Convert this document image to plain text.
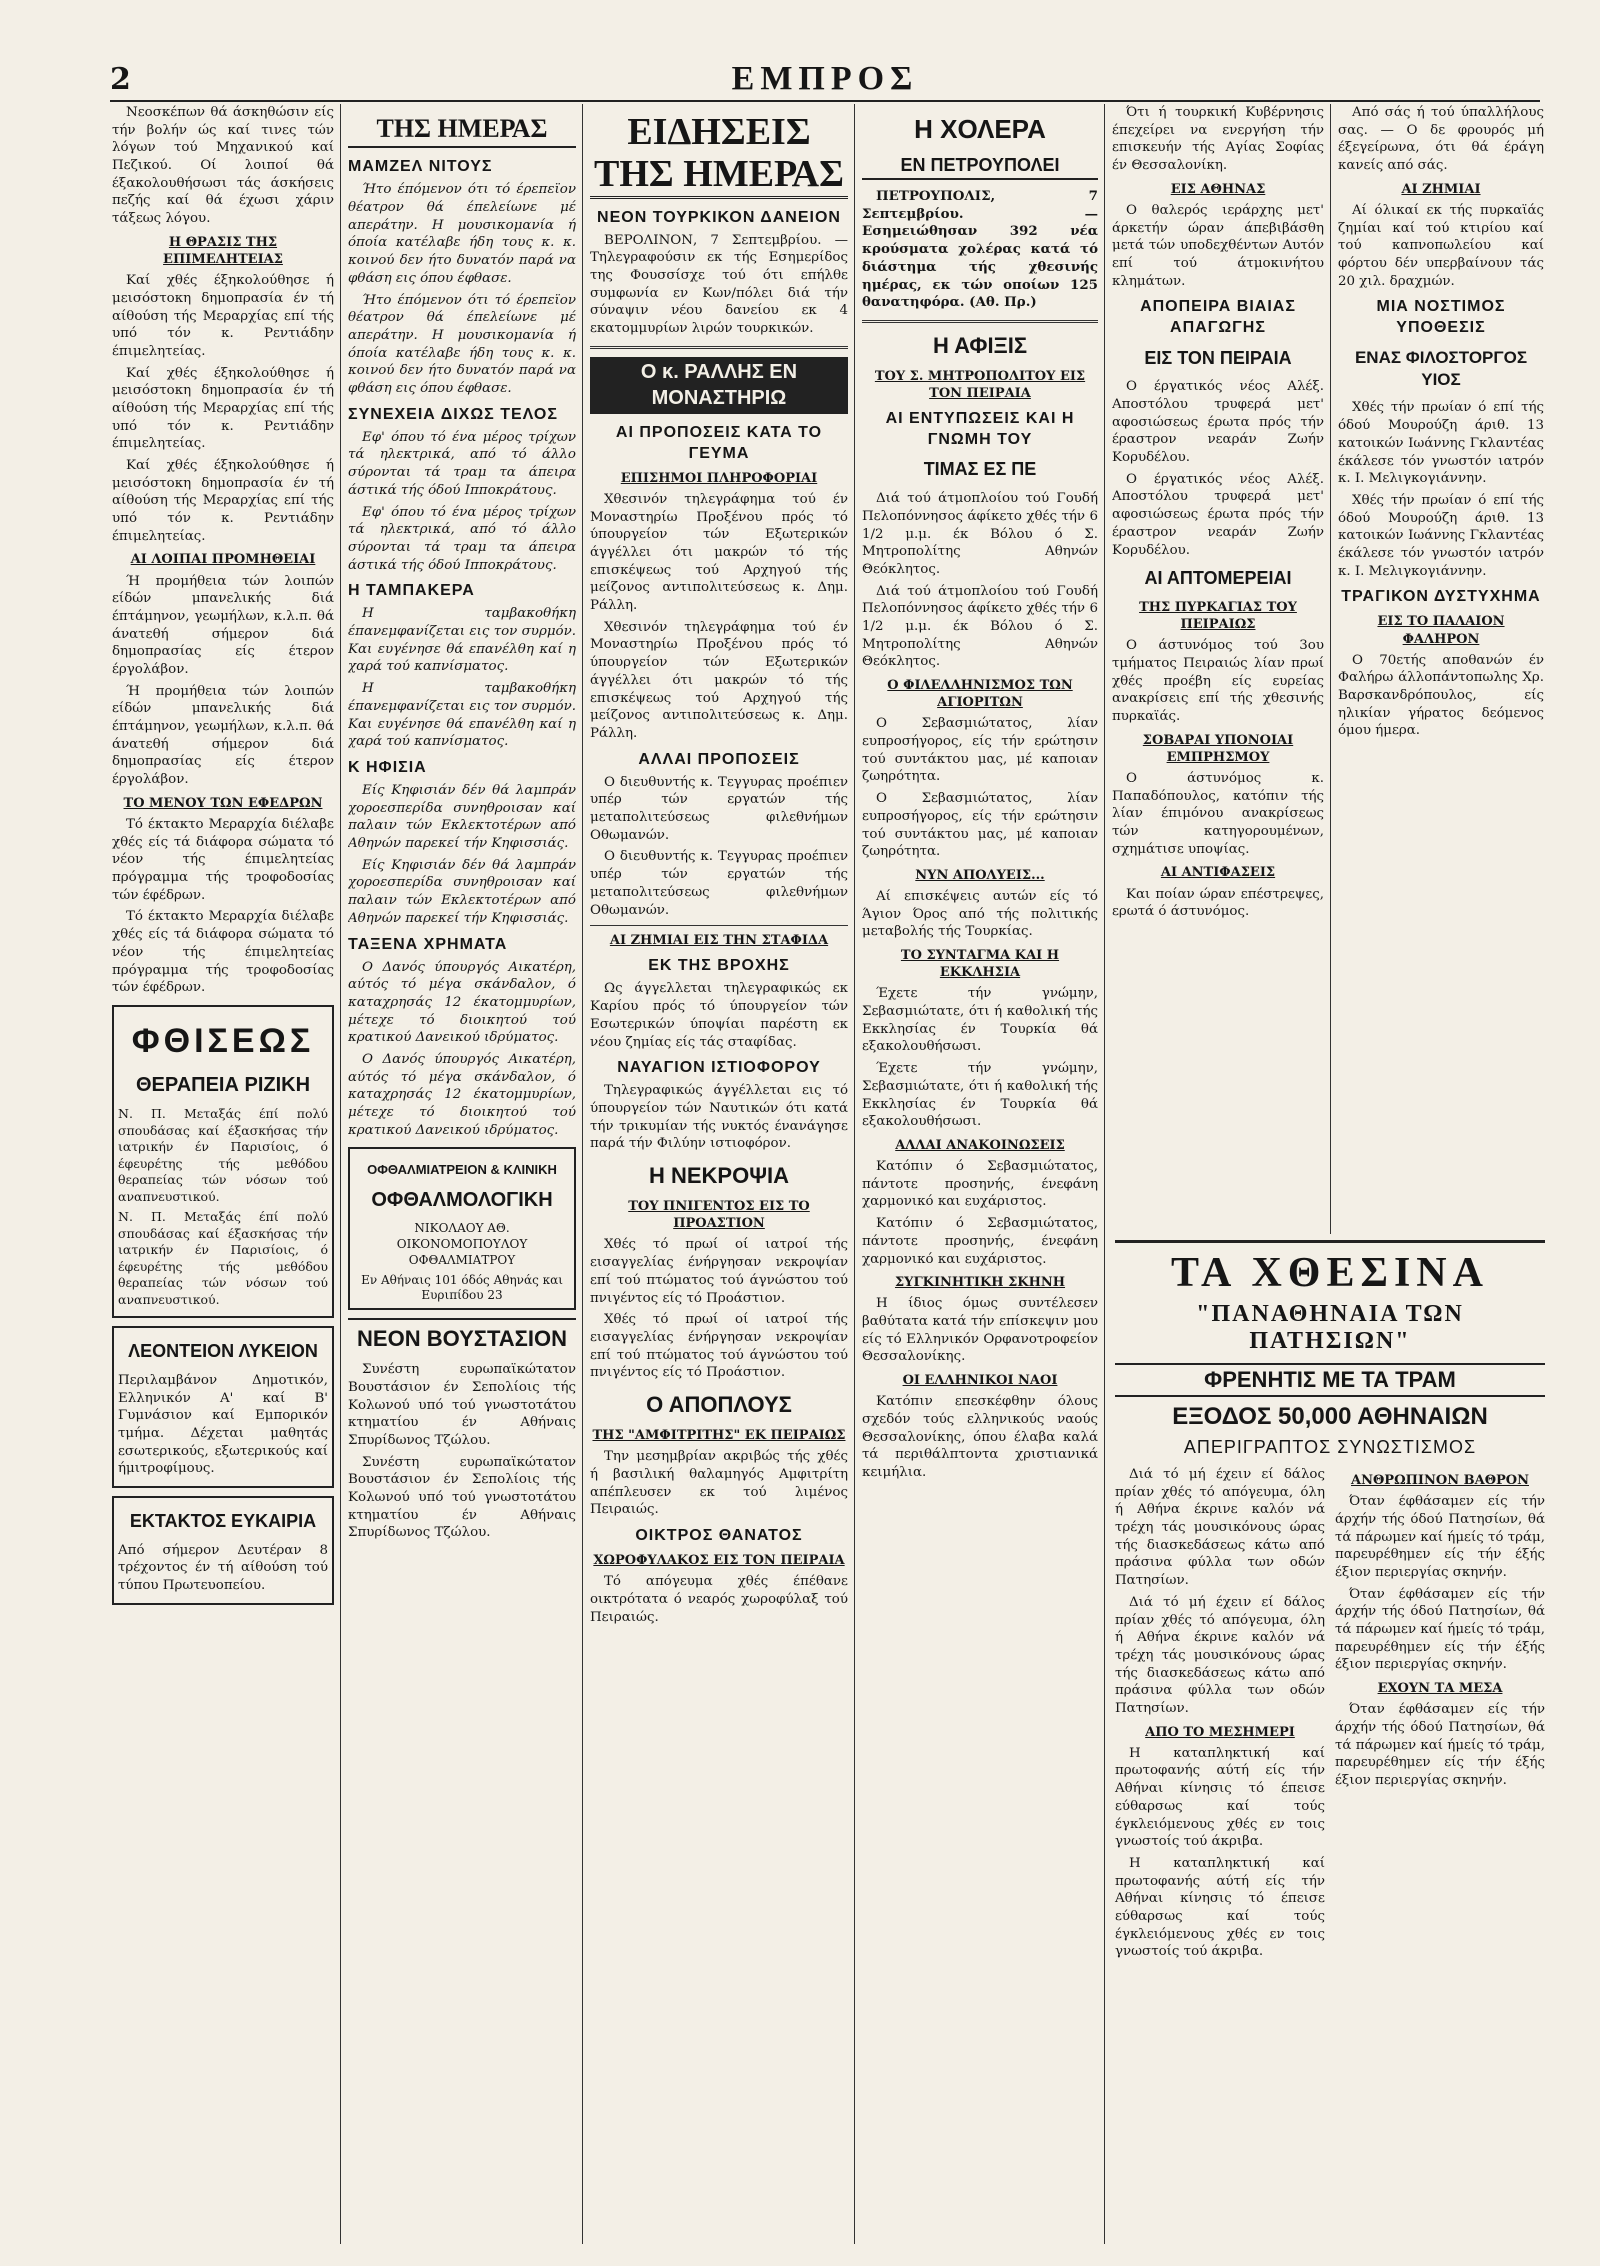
2	ΕΜΠΡΟΣ

Νεοσκέπων θά άσκηθώσιν είς τήν βολήν ώς καί τινες τών λόγων τού Μηχανικού καί Πεζικού. Οί λοιποί θά έξακολουθήσωσι τάς άσκήσεις πεζής καί θά έχωσι χάριν τάξεως λόγου.

Η ΘΡΑΣΙΣ ΤΗΣ ΕΠΙΜΕΛΗΤΕΙΑΣ

Καί χθές έξηκολούθησε ή μεισόστοκη δημοπρασία έν τή αίθούση τής Μεραρχίας επί τής υπό τόν κ. Ρεντιάδην έπιμελητείας.

Καί χθές έξηκολούθησε ή μεισόστοκη δημοπρασία έν τή αίθούση τής Μεραρχίας επί τής υπό τόν κ. Ρεντιάδην έπιμελητείας.

Καί χθές έξηκολούθησε ή μεισόστοκη δημοπρασία έν τή αίθούση τής Μεραρχίας επί τής υπό τόν κ. Ρεντιάδην έπιμελητείας.

ΑΙ ΛΟΙΠΑΙ ΠΡΟΜΗΘΕΙΑΙ

Ή προμήθεια τών λοιπών είδών μπανελικής διά έπτάμηνον, γεωμήλων, κ.λ.π. θά άνατεθή σήμερον διά δημοπρασίας είς έτερον έργολάβον.

Ή προμήθεια τών λοιπών είδών μπανελικής διά έπτάμηνον, γεωμήλων, κ.λ.π. θά άνατεθή σήμερον διά δημοπρασίας είς έτερον έργολάβον.

ΤΟ ΜΕΝΟΥ ΤΩΝ ΕΦΕΔΡΩΝ

Τό έκτακτο Μεραρχία διέλαβε χθές είς τά διάφορα σώματα τό νέον τής έπιμελητείας πρόγραμμα τής τροφοδοσίας τών έφέδρων.

Τό έκτακτο Μεραρχία διέλαβε χθές είς τά διάφορα σώματα τό νέον τής έπιμελητείας πρόγραμμα τής τροφοδοσίας τών έφέδρων.

ΦΘΙΣΕΩΣ
ΘΕΡΑΠΕΙΑ ΡΙΖΙΚΗ

Ν. Π. Μεταξάς έπί πολύ σπουδάσας καί έξασκήσας τήν ιατρικήν έν Παρισίοις, ό έφευρέτης τής μεθόδου θεραπείας τών νόσων τού αναπνευστικού.

Ν. Π. Μεταξάς έπί πολύ σπουδάσας καί έξασκήσας τήν ιατρικήν έν Παρισίοις, ό έφευρέτης τής μεθόδου θεραπείας τών νόσων τού αναπνευστικού.

ΛΕΟΝΤΕΙΟΝ ΛΥΚΕΙΟΝ

Περιλαμβάνον Δημοτικόν, Ελληνικόν Α' καί Β' Γυμνάσιον καί Εμπορικόν τμήμα. Δέχεται μαθητάς εσωτερικούς, εξωτερικούς καί ήμιτροφίμους.

ΕΚΤΑΚΤΟΣ ΕΥΚΑΙΡΙΑ

Από σήμερον Δευτέραν 8 τρέχοντος έν τή αίθούση τού τύπου Πρωτευοπείου.

ΤΗΣ ΗΜΕΡΑΣ
ΜΑΜΖΕΛ ΝΙΤΟΥΣ

Ήτο έπόμενον ότι τό έρεπεϊον θέατρον θά έπελείωνε μέ απεράτην. Η μουσικομανία ή όποία κατέλαβε ήδη τους κ. κ. κοινού δεν ήτο δυνατόν παρά να φθάση εις όπου έφθασε.

Ήτο έπόμενον ότι τό έρεπεϊον θέατρον θά έπελείωνε μέ απεράτην. Η μουσικομανία ή όποία κατέλαβε ήδη τους κ. κ. κοινού δεν ήτο δυνατόν παρά να φθάση εις όπου έφθασε.

ΣΥΝΕΧΕΙΑ ΔΙΧΩΣ ΤΕΛΟΣ

Εφ' όπου τό ένα μέρος τρίχων τά ηλεκτρικά, από τό άλλο σύρονται τά τραμ τα άπειρα άστικά τής όδού Ιπποκράτους.

Εφ' όπου τό ένα μέρος τρίχων τά ηλεκτρικά, από τό άλλο σύρονται τά τραμ τα άπειρα άστικά τής όδού Ιπποκράτους.

Η ΤΑΜΠΑΚΕΡΑ

Η ταμβακοθήκη έπανεμφανίζεται εις τον συρμόν. Και ευγένησε θά επανέλθη καί η χαρά τού καπνίσματος.

Η ταμβακοθήκη έπανεμφανίζεται εις τον συρμόν. Και ευγένησε θά επανέλθη καί η χαρά τού καπνίσματος.

Κ ΗΦΙΣΙΑ

Είς Κηφισιάν δέν θά λαμπράν χοροεσπερίδα συνηθροισαν καί παλαιν τών Εκλεκτοτέρων από Αθηνών παρεκεί τήν Κηφισσιάς.

Είς Κηφισιάν δέν θά λαμπράν χοροεσπερίδα συνηθροισαν καί παλαιν τών Εκλεκτοτέρων από Αθηνών παρεκεί τήν Κηφισσιάς.

ΤΑΞΕΝΑ ΧΡΗΜΑΤΑ

Ο Δανός ύπουργός Αικατέρη, αύτός τό μέγα σκάνδαλον, ό καταχρησάς 12 έκατομμυρίων, μέτεχε τό διοικητού τού κρατικού Δανεικού ιδρύματος.

Ο Δανός ύπουργός Αικατέρη, αύτός τό μέγα σκάνδαλον, ό καταχρησάς 12 έκατομμυρίων, μέτεχε τό διοικητού τού κρατικού Δανεικού ιδρύματος.

ΟΦΘΑΛΜΙΑΤΡΕΙΟΝ & ΚΛΙΝΙΚΗ
ΟΦΘΑΛΜΟΛΟΓΙΚΗ
ΝΙΚΟΛΑΟΥ ΑΘ. ΟΙΚΟΝΟΜΟΠΟΥΛΟΥ ΟΦΘΑΛΜΙΑΤΡΟΥ
Εν Αθήναις 101 όδός Αθηνάς και Ευριπίδου 23
ΝΕΟΝ ΒΟΥΣΤΑΣΙΟΝ

Συνέστη ευρωπαϊκώτατον Βουστάσιον έν Σεπολίοις τής Κολωνού υπό τού γνωστοτάτου κτηματίου έν Αθήναις Σπυρίδωνος Τζώλου.

Συνέστη ευρωπαϊκώτατον Βουστάσιον έν Σεπολίοις τής Κολωνού υπό τού γνωστοτάτου κτηματίου έν Αθήναις Σπυρίδωνος Τζώλου.

ΕΙΔΗΣΕΙΣ ΤΗΣ ΗΜΕΡΑΣ
ΝΕΟΝ ΤΟΥΡΚΙΚΟΝ ΔΑΝΕΙΟΝ

ΒΕΡΟΛΙΝΟΝ, 7 Σεπτεμβρίου. — Τηλεγραφούσιν εκ τής Εσημερίδος της Φουσσίσχε τού ότι επήλθε συμφωνία εν Κων/πόλει διά τήν σύναψιν νέου δανείου εκ 4 εκατομμυρίων λιρών τουρκικών.

Ο κ. ΡΑΛΛΗΣ ΕΝ ΜΟΝΑΣΤΗΡΙΩ
ΑΙ ΠΡΟΠΟΣΕΙΣ ΚΑΤΑ ΤΟ ΓΕΥΜΑ
ΕΠΙΣΗΜΟΙ ΠΛΗΡΟΦΟΡΙΑΙ

Χθεσινόν τηλεγράφημα τού έν Μοναστηρίω Προξένου πρός τό ύπουργείον τών Εξωτερικών άγγέλλει ότι μακρών τό τής επισκέψεως τού Αρχηγού τής μείζονος αντιπολιτεύσεως κ. Δημ. Ράλλη.

Χθεσινόν τηλεγράφημα τού έν Μοναστηρίω Προξένου πρός τό ύπουργείον τών Εξωτερικών άγγέλλει ότι μακρών τό τής επισκέψεως τού Αρχηγού τής μείζονος αντιπολιτεύσεως κ. Δημ. Ράλλη.

ΑΛΛΑΙ ΠΡΟΠΟΣΕΙΣ

Ο διευθυντής κ. Τεγγυρας προέπιεν υπέρ τών εργατών τής μεταπολιτεύσεως φιλεθνήμων Οθωμανών.

Ο διευθυντής κ. Τεγγυρας προέπιεν υπέρ τών εργατών τής μεταπολιτεύσεως φιλεθνήμων Οθωμανών.

ΑΙ ΖΗΜΙΑΙ ΕΙΣ ΤΗΝ ΣΤΑΦΙΔΑ
ΕΚ ΤΗΣ ΒΡΟΧΗΣ

Ως άγγελλεται τηλεγραφικώς εκ Καρίου πρός τό ύπουργείον τών Εσωτερικών ύποψίαι παρέστη εκ νέου ζημίας είς τάς σταφίδας.

ΝΑΥΑΓΙΟΝ ΙΣΤΙΟΦΟΡΟΥ

Τηλεγραφικώς άγγέλλεται εις τό ύπουργείον τών Ναυτικών ότι κατά τήν τρικυμίαν τής νυκτός ένανάγησε παρά τήν Φιλύην ιστιοφόρον.

Η ΝΕΚΡΟΨΙΑ
ΤΟΥ ΠΝΙΓΕΝΤΟΣ ΕΙΣ ΤΟ ΠΡΟΑΣΤΙΟΝ

Χθές τό πρωί οί ιατροί τής εισαγγελίας ένήργησαν νεκροψίαν επί τού πτώματος τού άγνώστου τού πνιγέντος είς τό Προάστιον.

Χθές τό πρωί οί ιατροί τής εισαγγελίας ένήργησαν νεκροψίαν επί τού πτώματος τού άγνώστου τού πνιγέντος είς τό Προάστιον.

Ο ΑΠΟΠΛΟΥΣ
ΤΗΣ "ΑΜΦΙΤΡΙΤΗΣ" ΕΚ ΠΕΙΡΑΙΩΣ

Την μεσημβρίαν ακριβώς τής χθές ή βασιλική θαλαμηγός Αμφιτρίτη απέπλευσεν εκ τού λιμένος Πειραιώς.

ΟΙΚΤΡΟΣ ΘΑΝΑΤΟΣ
ΧΩΡΟΦΥΛΑΚΟΣ ΕΙΣ ΤΟΝ ΠΕΙΡΑΙΑ

Τό απόγευμα χθές έπέθανε οικτρότατα ό νεαρός χωροφύλαξ τού Πειραιώς.

Η ΧΟΛΕΡΑ
ΕΝ ΠΕΤΡΟΥΠΟΛΕΙ

ΠΕΤΡΟΥΠΟΛΙΣ, 7 Σεπτεμβρίου. — Εσημειώθησαν 392 νέα κρούσματα χολέρας κατά τό διάστημα τής χθεσινής ημέρας, εκ τών οποίων 125 θανατηφόρα. (Αθ. Πρ.)

Η ΑΦΙΞΙΣ
ΤΟΥ Σ. ΜΗΤΡΟΠΟΛΙΤΟΥ ΕΙΣ ΤΟΝ ΠΕΙΡΑΙΑ
ΑΙ ΕΝΤΥΠΩΣΕΙΣ ΚΑΙ Η ΓΝΩΜΗ ΤΟΥ
ΤΙΜΑΣ ΕΣ ΠΕ

Διά τού άτμοπλοίου τού Γουδή Πελοπόννησος άφίκετο χθές τήν 6 1/2 μ.μ. έκ Βόλου ό Σ. Μητροπολίτης Αθηνών Θεόκλητος.

Διά τού άτμοπλοίου τού Γουδή Πελοπόννησος άφίκετο χθές τήν 6 1/2 μ.μ. έκ Βόλου ό Σ. Μητροπολίτης Αθηνών Θεόκλητος.

Ο ΦΙΛΕΛΛΗΝΙΣΜΟΣ ΤΩΝ ΑΓΙΟΡΙΤΩΝ

Ο Σεβασμιώτατος, λίαν ευπροσήγορος, είς τήν ερώτησιν τού συντάκτου μας, μέ καποιαν ζωηρότητα.

Ο Σεβασμιώτατος, λίαν ευπροσήγορος, είς τήν ερώτησιν τού συντάκτου μας, μέ καποιαν ζωηρότητα.

ΝΥΝ ΑΠΟΛΥΕΙΣ...

Αί επισκέψεις αυτών είς τό Άγιον Όρος από τής πολιτικής μεταβολής τής Τουρκίας.

ΤΟ ΣΥΝΤΑΓΜΑ ΚΑΙ Η ΕΚΚΛΗΣΙΑ

Έχετε τήν γνώμην, Σεβασμιώτατε, ότι ή καθολική τής Εκκλησίας έν Τουρκία θά εξακολουθήσωσι.

Έχετε τήν γνώμην, Σεβασμιώτατε, ότι ή καθολική τής Εκκλησίας έν Τουρκία θά εξακολουθήσωσι.

ΑΛΛΑΙ ΑΝΑΚΟΙΝΩΣΕΙΣ

Κατόπιν ό Σεβασμιώτατος, πάντοτε προσηνής, ένεφάνη χαρμονικό και ευχάριστος.

Κατόπιν ό Σεβασμιώτατος, πάντοτε προσηνής, ένεφάνη χαρμονικό και ευχάριστος.

ΣΥΓΚΙΝΗΤΙΚΗ ΣΚΗΝΗ

Η ίδιος όμως συντέλεσεν βαθύτατα κατά τήν επίσκεψιν μου είς τό Ελληνικόν Ορφανοτροφείον Θεσσαλονίκης.

ΟΙ ΕΛΛΗΝΙΚΟΙ ΝΑΟΙ

Κατόπιν επεσκέφθην όλους σχεδόν τούς ελληνικούς ναούς Θεσσαλονίκης, όπου έλαβα καλά τά περιθάλπτοντα χριστιανικά κειμήλια.

Ότι ή τουρκική Κυβέρνησις έπεχείρει να ενεργήση τήν επισκευήν τής Αγίας Σοφίας έν Θεσσαλονίκη.

ΕΙΣ ΑΘΗΝΑΣ

Ο θαλερός ιεράρχης μετ' άρκετήν ώραν άπεβιβάσθη μετά τών υποδεχθέντων Αυτόν επί τού άτμοκινήτου κλημάτων.

ΑΠΟΠΕΙΡΑ ΒΙΑΙΑΣ ΑΠΑΓΩΓΗΣ
ΕΙΣ ΤΟΝ ΠΕΙΡΑΙΑ

Ο έργατικός νέος Αλέξ. Αποστόλου τρυφερά μετ' αφοσιώσεως έρωτα πρός τήν έραστρον νεαράν Ζωήν Κορυδέλου.

Ο έργατικός νέος Αλέξ. Αποστόλου τρυφερά μετ' αφοσιώσεως έρωτα πρός τήν έραστρον νεαράν Ζωήν Κορυδέλου.

ΑΙ ΑΠΤΟΜΕΡΕΙΑΙ
ΤΗΣ ΠΥΡΚΑΓΙΑΣ ΤΟΥ ΠΕΙΡΑΙΩΣ

Ο άστυνόμος τού 3ου τμήματος Πειραιώς λίαν πρωί χθές προέβη είς ευρείας ανακρίσεις επί τής χθεσινής πυρκαϊάς.

ΣΟΒΑΡΑΙ ΥΠΟΝΟΙΑΙ ΕΜΠΡΗΣΜΟΥ

Ο άστυνόμος κ. Παπαδόπουλος, κατόπιν τής λίαν έπιμόνου ανακρίσεως τών κατηγορουμένων, σχημάτισε υποψίας.

ΑΙ ΑΝΤΙΦΑΣΕΙΣ

Και ποίαν ώραν επέστρεψες, ερωτά ό άστυνόμος.

Από σάς ή τού ύπαλλήλους σας. — Ο δε φρουρός μή έξεγείρωνα, ότι θά έράγη κανείς από σάς.

ΑΙ ΖΗΜΙΑΙ

Αί όλικαί εκ τής πυρκαϊάς ζημίαι καί τού κτιρίου καί τού καπνοπωλείου καί φόρτου δέν υπερβαίνουν τάς 20 χιλ. δραχμών.

ΜΙΑ ΝΟΣΤΙΜΟΣ ΥΠΟΘΕΣΙΣ
ΕΝΑΣ ΦΙΛΟΣΤΟΡΓΟΣ ΥΙΟΣ

Χθές τήν πρωίαν ό επί τής όδού Μουρούζη άριθ. 13 κατοικών Ιωάννης Γκλαντέας έκάλεσε τόν γνωστόν ιατρόν κ. Ι. Μελιγκογιάννην.

Χθές τήν πρωίαν ό επί τής όδού Μουρούζη άριθ. 13 κατοικών Ιωάννης Γκλαντέας έκάλεσε τόν γνωστόν ιατρόν κ. Ι. Μελιγκογιάννην.

ΤΡΑΓΙΚΟΝ ΔΥΣΤΥΧΗΜΑ
ΕΙΣ ΤΟ ΠΑΛΑΙΟΝ ΦΑΛΗΡΟΝ

Ο 70ετής αποθανών έν Φαλήρω άλλοπάντοπωλης Χρ. Βαρσκανδρόπουλος, είς ηλικίαν γήρατος δεόμενος όμου ήμερα.

ΤΑ ΧΘΕΣΙΝΑ
"ΠΑΝΑΘΗΝΑΙΑ ΤΩΝ ΠΑΤΗΣΙΩΝ"
ΦΡΕΝΗΤΙΣ ΜΕ ΤΑ ΤΡΑΜ
ΕΞΟΔΟΣ 50,000 ΑΘΗΝΑΙΩΝ
ΑΠΕΡΙΓΡΑΠΤΟΣ ΣΥΝΩΣΤΙΣΜΟΣ

Διά τό μή έχειν εί δάλος πρίαν χθές τό απόγευμα, όλη ή Αθήνα έκρινε καλόν νά τρέχη τάς μουσικόνους ώρας τής διασκεδάσεως κάτω από πράσινα φύλλα των οδών Πατησίων.

Διά τό μή έχειν εί δάλος πρίαν χθές τό απόγευμα, όλη ή Αθήνα έκρινε καλόν νά τρέχη τάς μουσικόνους ώρας τής διασκεδάσεως κάτω από πράσινα φύλλα των οδών Πατησίων.

ΑΠΟ ΤΟ ΜΕΣΗΜΕΡΙ

Η καταπληκτική καί πρωτοφανής αύτή είς τήν Αθήναι κίνησις τό έπεισε εύθαρσως καί τούς έγκλειόμενους χθές εν τοις γνωστοίς τού άκριβα.

Η καταπληκτική καί πρωτοφανής αύτή είς τήν Αθήναι κίνησις τό έπεισε εύθαρσως καί τούς έγκλειόμενους χθές εν τοις γνωστοίς τού άκριβα.

ΑΝΘΡΩΠΙΝΟΝ ΒΑΘΡΟΝ

Όταν έφθάσαμεν είς τήν άρχήν τής όδού Πατησίων, θά τά πάρωμεν καί ήμείς τό τράμ, παρευρέθημεν είς τήν έξής έξιον περιεργίας σκηνήν.

Όταν έφθάσαμεν είς τήν άρχήν τής όδού Πατησίων, θά τά πάρωμεν καί ήμείς τό τράμ, παρευρέθημεν είς τήν έξής έξιον περιεργίας σκηνήν.

ΕΧΟΥΝ ΤΑ ΜΕΣΑ

Όταν έφθάσαμεν είς τήν άρχήν τής όδού Πατησίων, θά τά πάρωμεν καί ήμείς τό τράμ, παρευρέθημεν είς τήν έξής έξιον περιεργίας σκηνήν.
